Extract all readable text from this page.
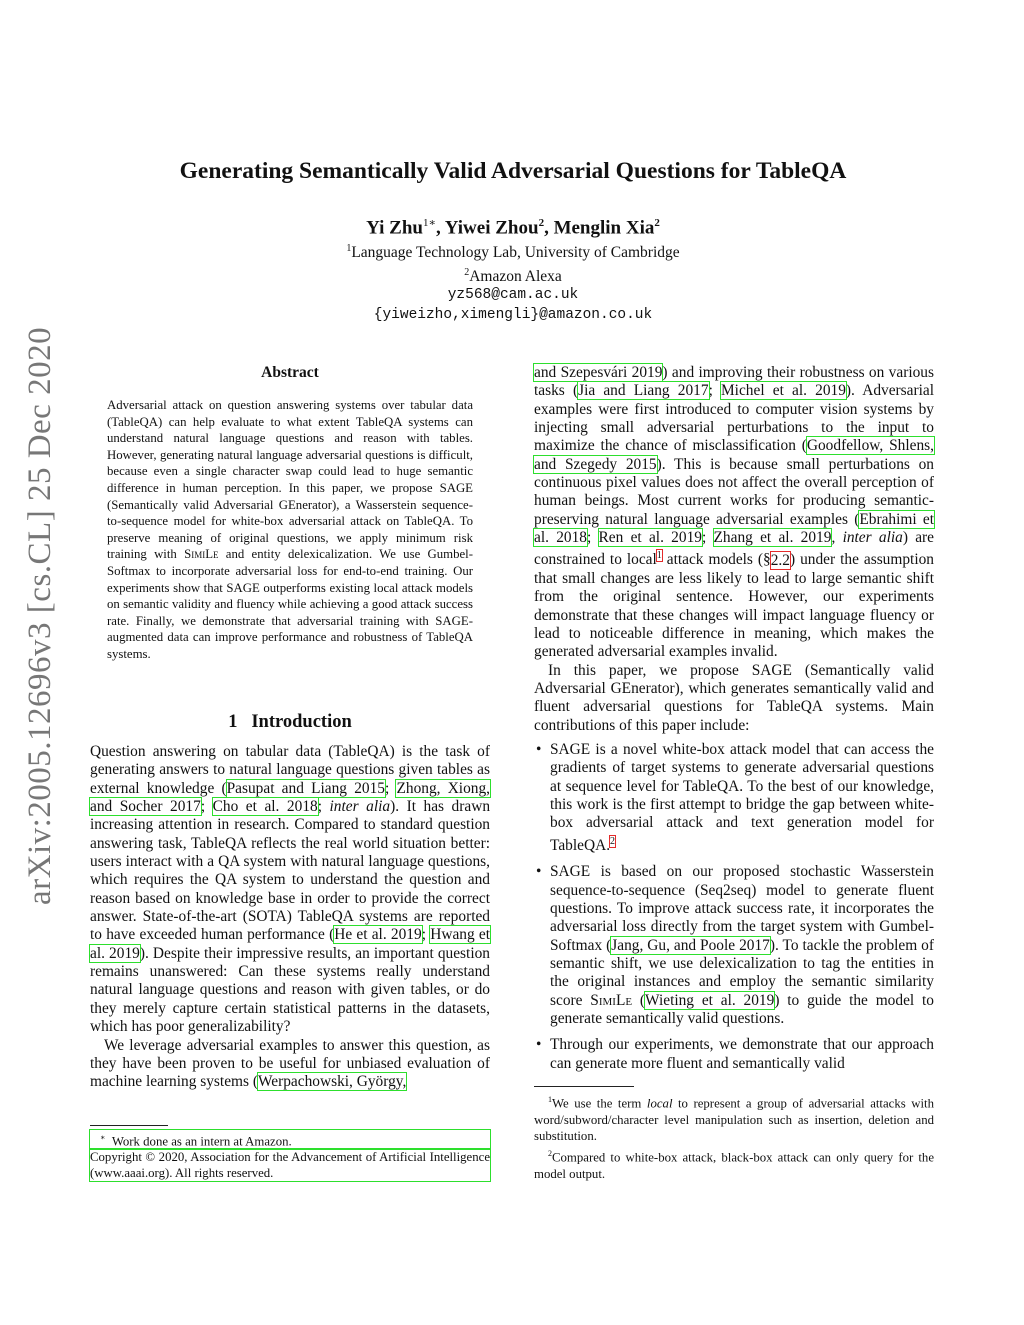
arXiv:2005.12696v3 [cs.CL] 25 Dec 2020
Generating Semantically Valid Adversarial Questions for TableQA
Yi Zhu$^{1∗}$, Yiwei Zhou$^2$, Menglin Xia$^2$
$^1$Language Technology Lab, University of Cambridge
$^2$Amazon Alexa
yz568@cam.ac.uk
{yiweizho,ximengli}@amazon.co.uk
Abstract
Adversarial attack on question answering systems over tabular data (TableQA) can help evaluate to what extent TableQA systems can understand natural language questions and reason with tables. However, generating natural language adversarial questions is difficult, because even a single character swap could lead to huge semantic difference in human perception. In this paper, we propose SAGE (Semantically valid Adversarial GEnerator), a Wasserstein sequence-to-sequence model for white-box adversarial attack on TableQA. To preserve meaning of original questions, we apply minimum risk training with SimiLe and entity delexicalization. We use Gumbel-Softmax to incorporate adversarial loss for end-to-end training. Our experiments show that SAGE outperforms existing local attack models on semantic validity and fluency while achieving a good attack success rate. Finally, we demonstrate that adversarial training with SAGE-augmented data can improve performance and robustness of TableQA systems.
1 Introduction

Question answering on tabular data (TableQA) is the task of generating answers to natural language questions given tables as external knowledge (Pasupat and Liang 2015; Zhong, Xiong, and Socher 2017; Cho et al. 2018; inter alia). It has drawn increasing attention in research. Compared to standard question answering task, TableQA reflects the real world situation better: users interact with a QA system with natural language questions, which requires the QA system to understand the question and reason based on knowledge base in order to provide the correct answer. State-of-the-art (SOTA) TableQA systems are reported to have exceeded human performance (He et al. 2019; Hwang et al. 2019). Despite their impressive results, an important question remains unanswered: Can these systems really understand natural language questions and reason with given tables, or do they merely capture certain statistical patterns in the datasets, which has poor generalizability?

We leverage adversarial examples to answer this question, as they have been proven to be useful for unbiased evaluation of machine learning systems (Werpachowski, György,

∗ Work done as an intern at Amazon.
Copyright © 2020, Association for the Advancement of Artificial Intelligence (www.aaai.org). All rights reserved.

and Szepesvári 2019) and improving their robustness on various tasks (Jia and Liang 2017; Michel et al. 2019). Adversarial examples were first introduced to computer vision systems by injecting small adversarial perturbations to the input to maximize the chance of misclassification (Goodfellow, Shlens, and Szegedy 2015). This is because small perturbations on continuous pixel values does not affect the overall perception of human beings. Most current works for producing semantic-preserving natural language adversarial examples (Ebrahimi et al. 2018; Ren et al. 2019; Zhang et al. 2019, inter alia) are constrained to local$^1$ attack models (§2.2) under the assumption that small changes are less likely to lead to large semantic shift from the original sentence. However, our experiments demonstrate that these changes will impact language fluency or lead to noticeable difference in meaning, which makes the generated adversarial examples invalid.

In this paper, we propose SAGE (Semantically valid Adversarial GEnerator), which generates semantically valid and fluent adversarial questions for TableQA systems. Main contributions of this paper include:

• SAGE is a novel white-box attack model that can access the gradients of target systems to generate adversarial questions at sequence level for TableQA. To the best of our knowledge, this work is the first attempt to bridge the gap between white-box adversarial attack and text generation model for TableQA.$^2$
• SAGE is based on our proposed stochastic Wasserstein sequence-to-sequence (Seq2seq) model to generate fluent questions. To improve attack success rate, it incorporates the adversarial loss directly from the target system with Gumbel-Softmax (Jang, Gu, and Poole 2017). To tackle the problem of semantic shift, we use delexicalization to tag the entities in the original instances and employ the semantic similarity score SimiLe (Wieting et al. 2019) to guide the model to generate semantically valid questions.
• Through our experiments, we demonstrate that our approach can generate more fluent and semantically valid
$^1$We use the term local to represent a group of adversarial attacks with word/subword/character level manipulation such as insertion, deletion and substitution.
$^2$Compared to white-box attack, black-box attack can only query for the model output.
